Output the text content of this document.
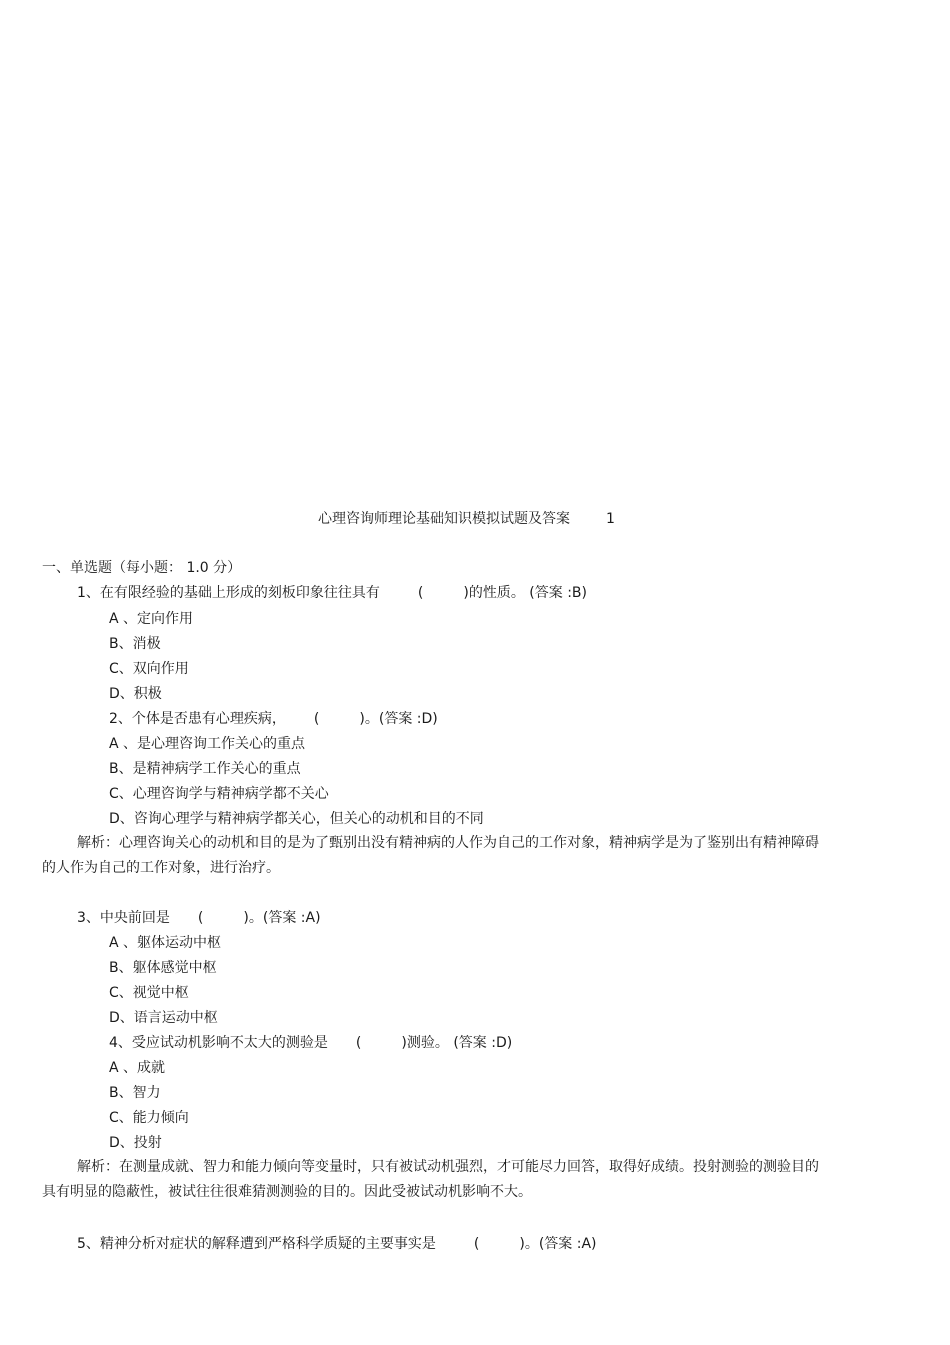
心理咨询师理论基础知识模拟试题及答案	1
一、单选题（每小题： 1.0 分）
1、在有限经验的基础上形成的刻板印象往往具有	(	)的性质。 (答案 :B)
A 、定向作用
B、消极
C、双向作用
D、积极
2、个体是否患有心理疾病， (	)。(答案 :D)
A 、是心理咨询工作关心的重点
B、是精神病学工作关心的重点
C、心理咨询学与精神病学都不关心
D、咨询心理学与精神病学都关心，但关心的动机和目的不同
解析：心理咨询关心的动机和目的是为了甄别出没有精神病的人作为自己的工作对象，精神病学是为了鉴别出有精神障碍的人作为自己的工作对象，进行治疗。
3、中央前回是 (	)。(答案 :A)
A 、躯体运动中枢
B、躯体感觉中枢
C、视觉中枢
D、语言运动中枢
4、受应试动机影响不太大的测验是 (	)测验。 (答案 :D)
A 、成就
B、智力
C、能力倾向
D、投射
解析：在测量成就、智力和能力倾向等变量时，只有被试动机强烈，才可能尽力回答，取得好成绩。投射测验的测验目的具有明显的隐蔽性，被试往往很难猜测测验的目的。因此受被试动机影响不大。
5、精神分析对症状的解释遭到严格科学质疑的主要事实是	(	)。(答案 :A)
